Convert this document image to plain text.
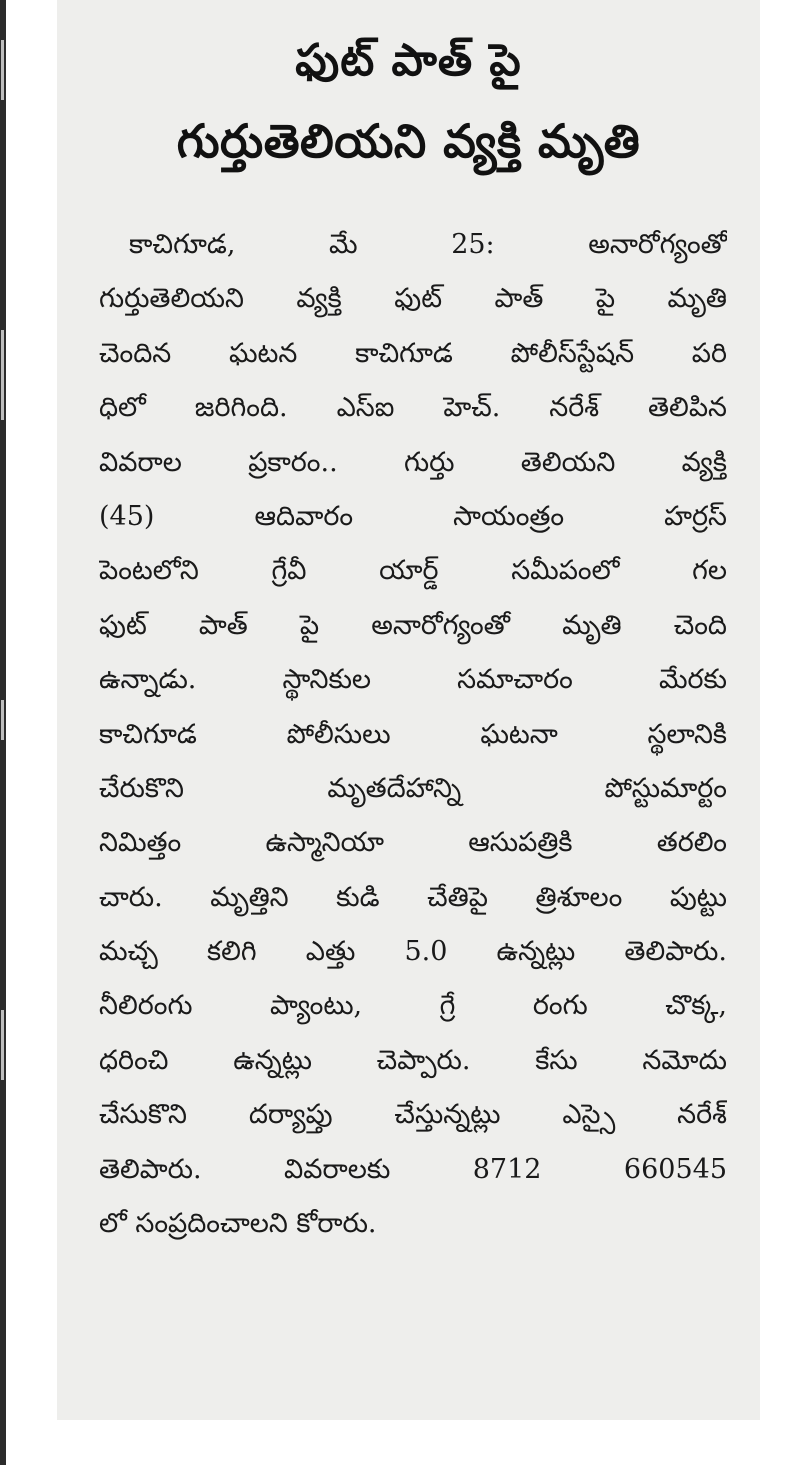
ఫుట్ పాత్ పై
గుర్తుతెలియని వ్యక్తి మృతి
కాచిగూడ, మే 25: అనారోగ్యంతో
గుర్తుతెలియని వ్యక్తి ఫుట్ పాత్ పై మృతి
చెందిన ఘటన కాచిగూడ పోలీస్‌స్టేషన్ పరి
ధిలో జరిగింది. ఎస్‌ఐ హెచ్. నరేశ్ తెలిపిన
వివరాల ప్రకారం.. గుర్తు తెలియని వ్యక్తి
(45) ఆదివారం సాయంత్రం హర్రస్
పెంటలోని గ్రేవీ యార్డ్ సమీపంలో గల
ఫుట్ పాత్ పై అనారోగ్యంతో మృతి చెంది
ఉన్నాడు. స్థానికుల సమాచారం మేరకు
కాచిగూడ పోలీసులు ఘటనా స్థలానికి
చేరుకొని మృతదేహాన్ని పోస్టుమార్టం
నిమిత్తం ఉస్మానియా ఆసుపత్రికి తరలిం
చారు. మృత్తిని కుడి చేతిపై త్రిశూలం పుట్టు
మచ్చ కలిగి ఎత్తు 5.0 ఉన్నట్లు తెలిపారు.
నీలిరంగు ప్యాంటు, గ్రే రంగు చొక్క,
ధరించి ఉన్నట్లు చెప్పారు. కేసు నమోదు
చేసుకొని దర్యాప్తు చేస్తున్నట్లు ఎస్సై నరేశ్
తెలిపారు. వివరాలకు 8712 660545
లో సంప్రదించాలని కోరారు.
